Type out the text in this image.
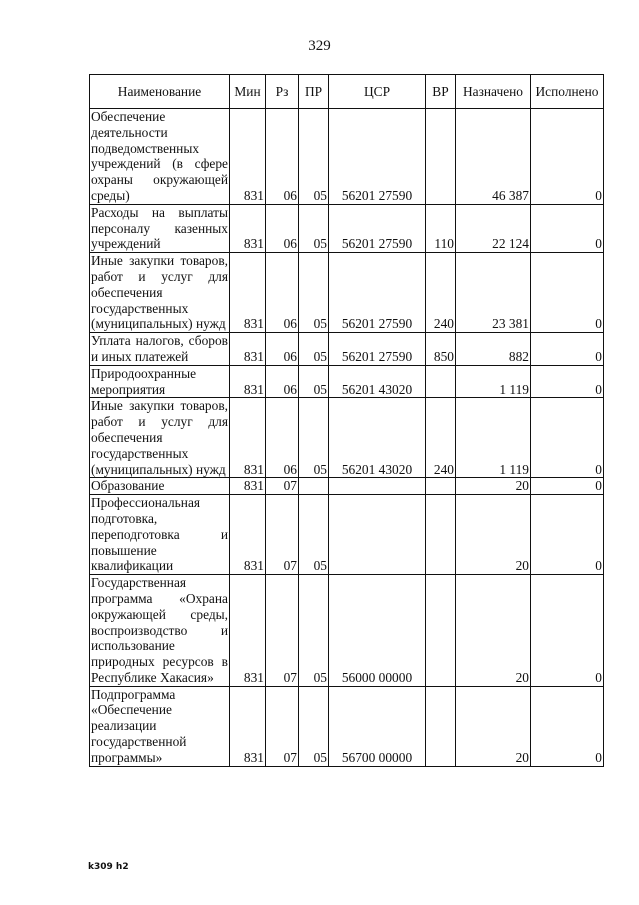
329
Наименование	Мин	Рз	ПР	ЦСР	ВР	Назначено	Исполнено
Обеспечение деятельности подведомственных учреждений (в сфере охраны окружающей среды)	831	06	05	56201 27590		46 387	0
Расходы на выплаты персоналу казенных учреждений	831	06	05	56201 27590	110	22 124	0
Иные закупки товаров, работ и услуг для обеспечения государственных (муниципальных) нужд	831	06	05	56201 27590	240	23 381	0
Уплата налогов, сборов и иных платежей	831	06	05	56201 27590	850	882	0
Природоохранные мероприятия	831	06	05	56201 43020		1 119	0
Иные закупки товаров, работ и услуг для обеспечения государственных (муниципальных) нужд	831	06	05	56201 43020	240	1 119	0
Образование	831	07				20	0
Профессиональная подготовка, переподготовка и повышение квалификации	831	07	05			20	0
Государственная программа «Охрана окружающей среды, воспроизводство и использование природных ресурсов в Республике Хакасия»	831	07	05	56000 00000		20	0
Подпрограмма «Обеспечение реализации государственной программы»	831	07	05	56700 00000		20	0
k309 h2
